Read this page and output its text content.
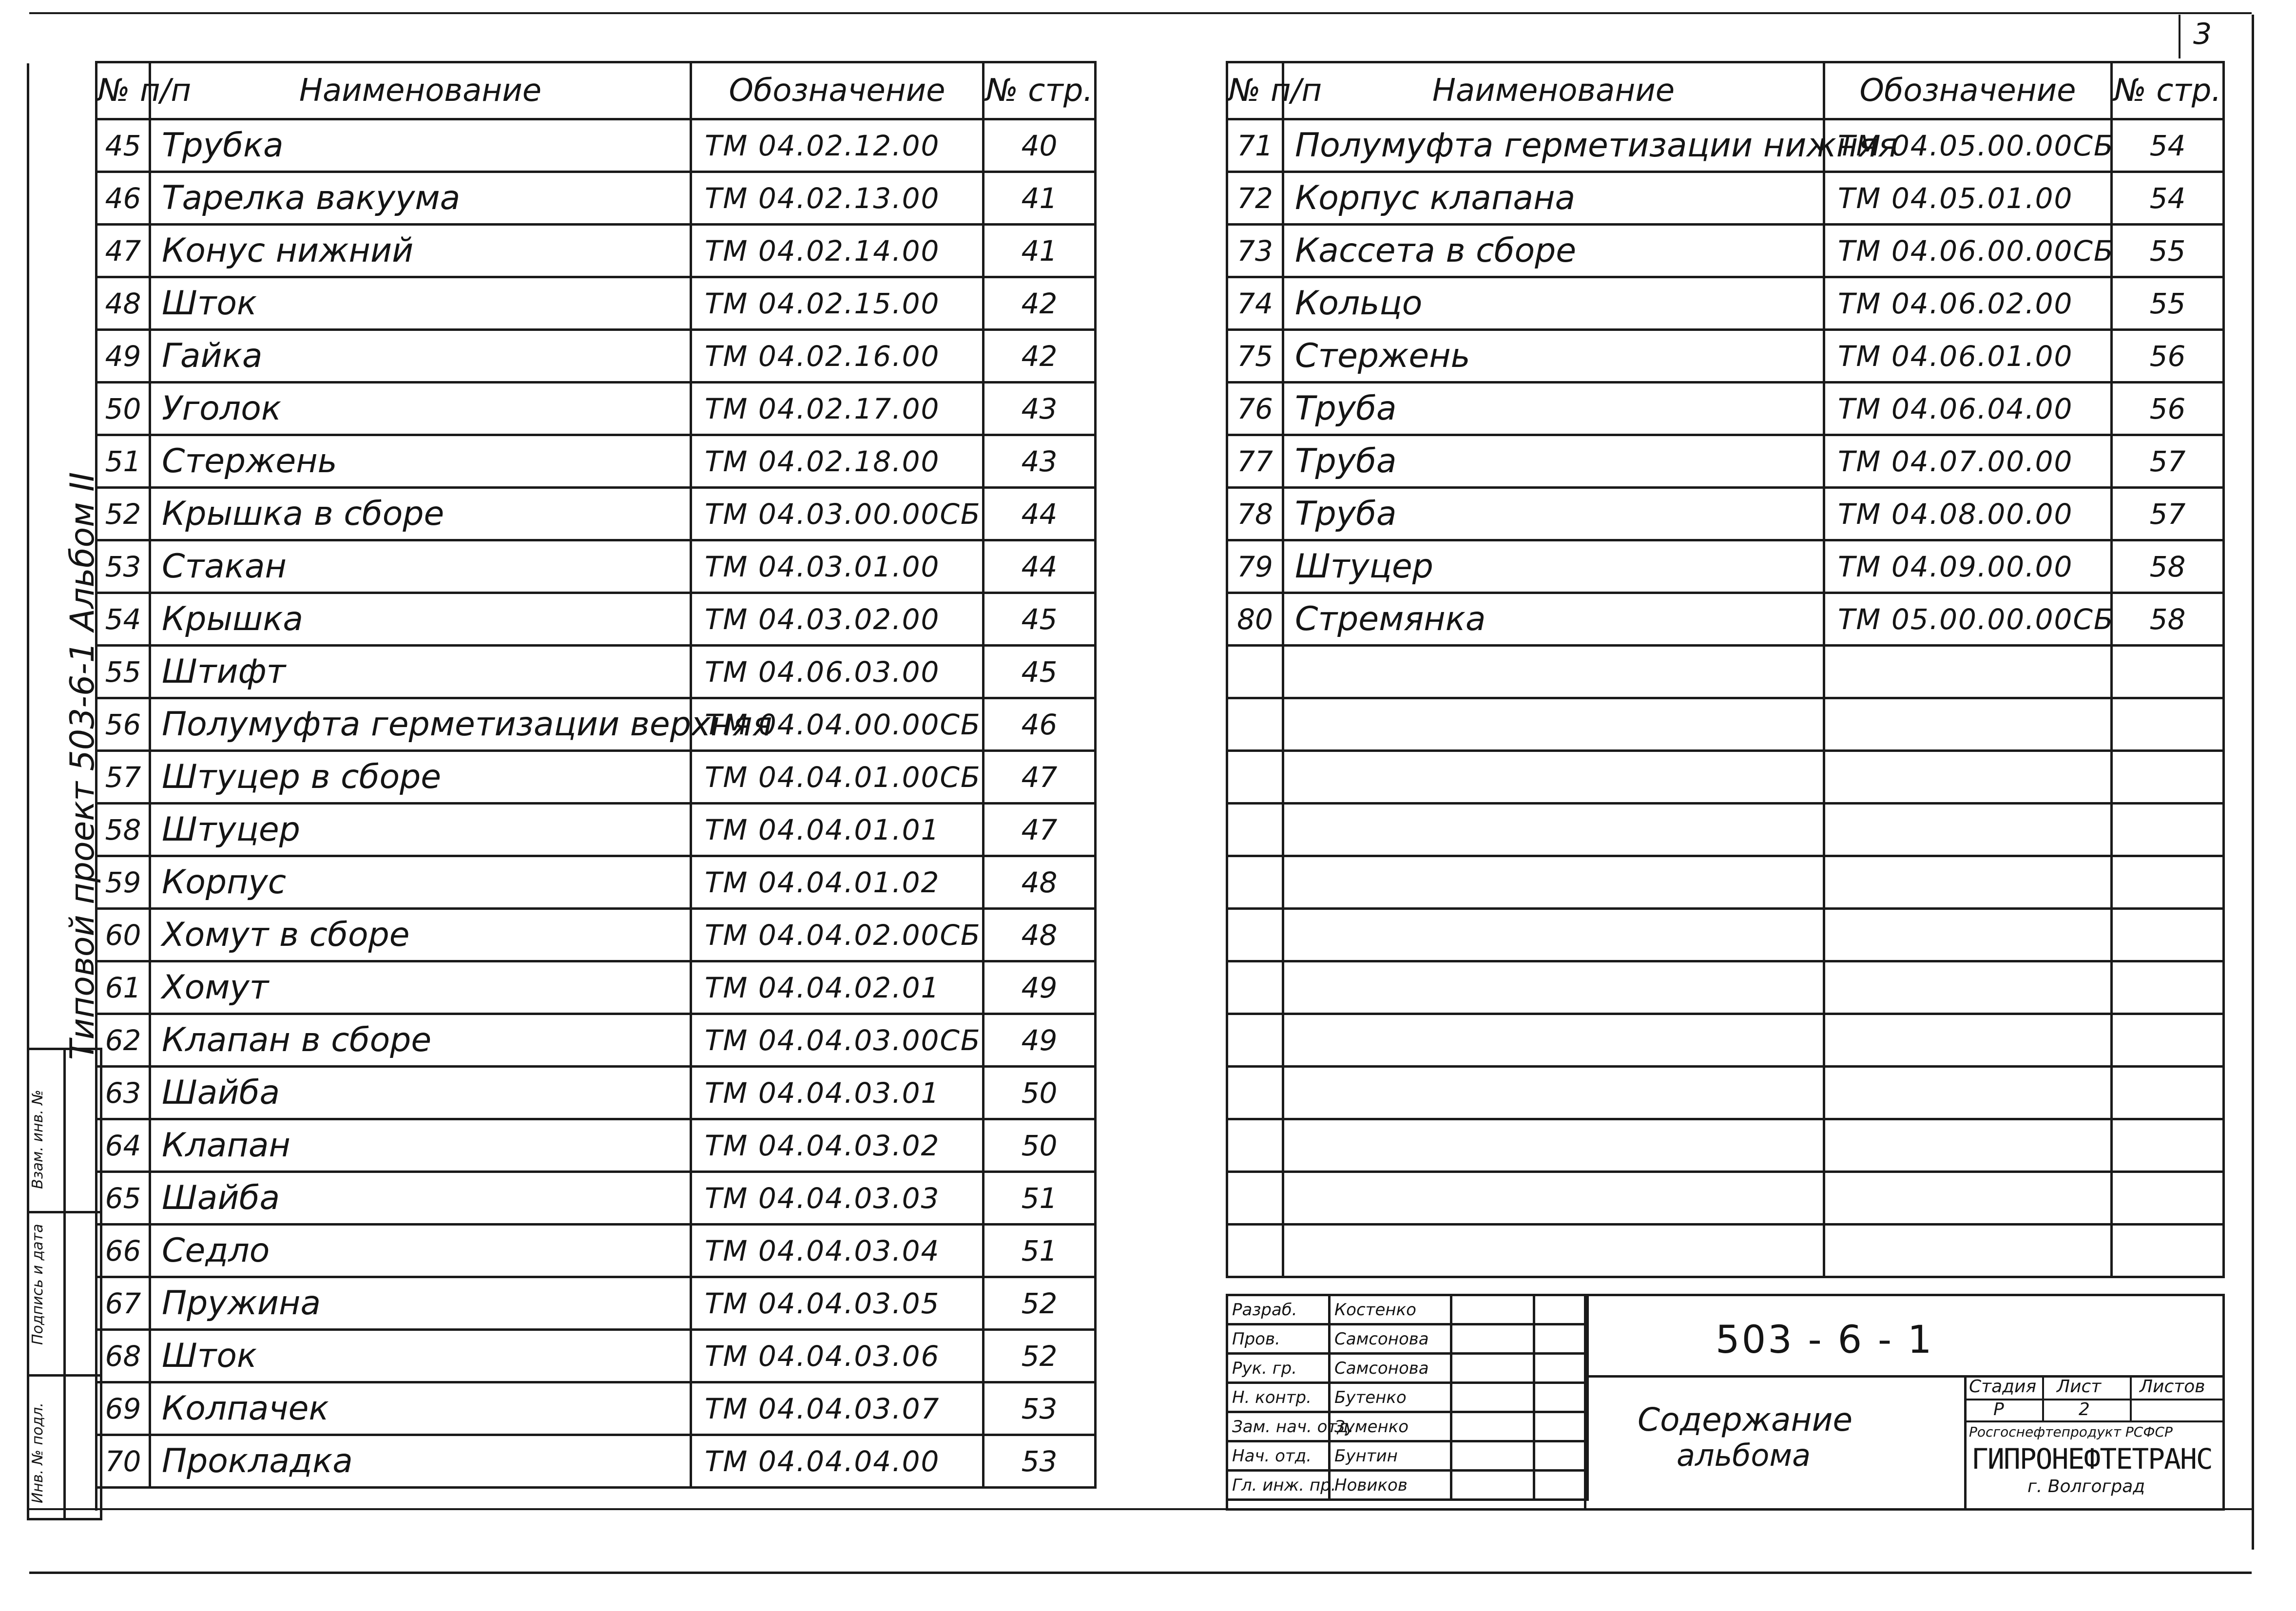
3
Типовой проект 503-6-1 Альбом II

Инв. № подл.
Подпись и дата
Взам. инв. №
№ п/п	Наименование	Обозначение	№ стр.
45	Трубка	ТМ 04.02.12.00	40
46	Тарелка вакуума	ТМ 04.02.13.00	41
47	Конус нижний	ТМ 04.02.14.00	41
48	Шток	ТМ 04.02.15.00	42
49	Гайка	ТМ 04.02.16.00	42
50	Уголок	ТМ 04.02.17.00	43
51	Стержень	ТМ 04.02.18.00	43
52	Крышка в сборе	ТМ 04.03.00.00СБ	44
53	Стакан	ТМ 04.03.01.00	44
54	Крышка	ТМ 04.03.02.00	45
55	Штифт	ТМ 04.06.03.00	45
56	Полумуфта герметизации верхняя	ТМ 04.04.00.00СБ	46
57	Штуцер в сборе	ТМ 04.04.01.00СБ	47
58	Штуцер	ТМ 04.04.01.01	47
59	Корпус	ТМ 04.04.01.02	48
60	Хомут в сборе	ТМ 04.04.02.00СБ	48
61	Хомут	ТМ 04.04.02.01	49
62	Клапан в сборе	ТМ 04.04.03.00СБ	49
63	Шайба	ТМ 04.04.03.01	50
64	Клапан	ТМ 04.04.03.02	50
65	Шайба	ТМ 04.04.03.03	51
66	Седло	ТМ 04.04.03.04	51
67	Пружина	ТМ 04.04.03.05	52
68	Шток	ТМ 04.04.03.06	52
69	Колпачек	ТМ 04.04.03.07	53
70	Прокладка	ТМ 04.04.04.00	53
№ п/п	Наименование	Обозначение	№ стр.
71	Полумуфта герметизации нижняя	ТМ 04.05.00.00СБ	54
72	Корпус клапана	ТМ 04.05.01.00	54
73	Кассета в сборе	ТМ 04.06.00.00СБ	55
74	Кольцо	ТМ 04.06.02.00	55
75	Стержень	ТМ 04.06.01.00	56
76	Труба	ТМ 04.06.04.00	56
77	Труба	ТМ 04.07.00.00	57
78	Труба	ТМ 04.08.00.00	57
79	Штуцер	ТМ 04.09.00.00	58
80	Стремянка	ТМ 05.00.00.00СБ	58

Разраб.	Костенко		
Пров.	Самсонова		
Рук. гр.	Самсонова		
Н. контр.	Бутенко		
Зам. нач. отд.	Зуменко		
Нач. отд.	Бунтин		
Гл. инж. пр.	Новиков		
503 - 6 - 1
Содержание
альбома
Стадия Лист Листов
Р	2
Росгоснефтепродукт РСФСР
ГИПРОНЕФТЕТРАНС
г. Волгоград
